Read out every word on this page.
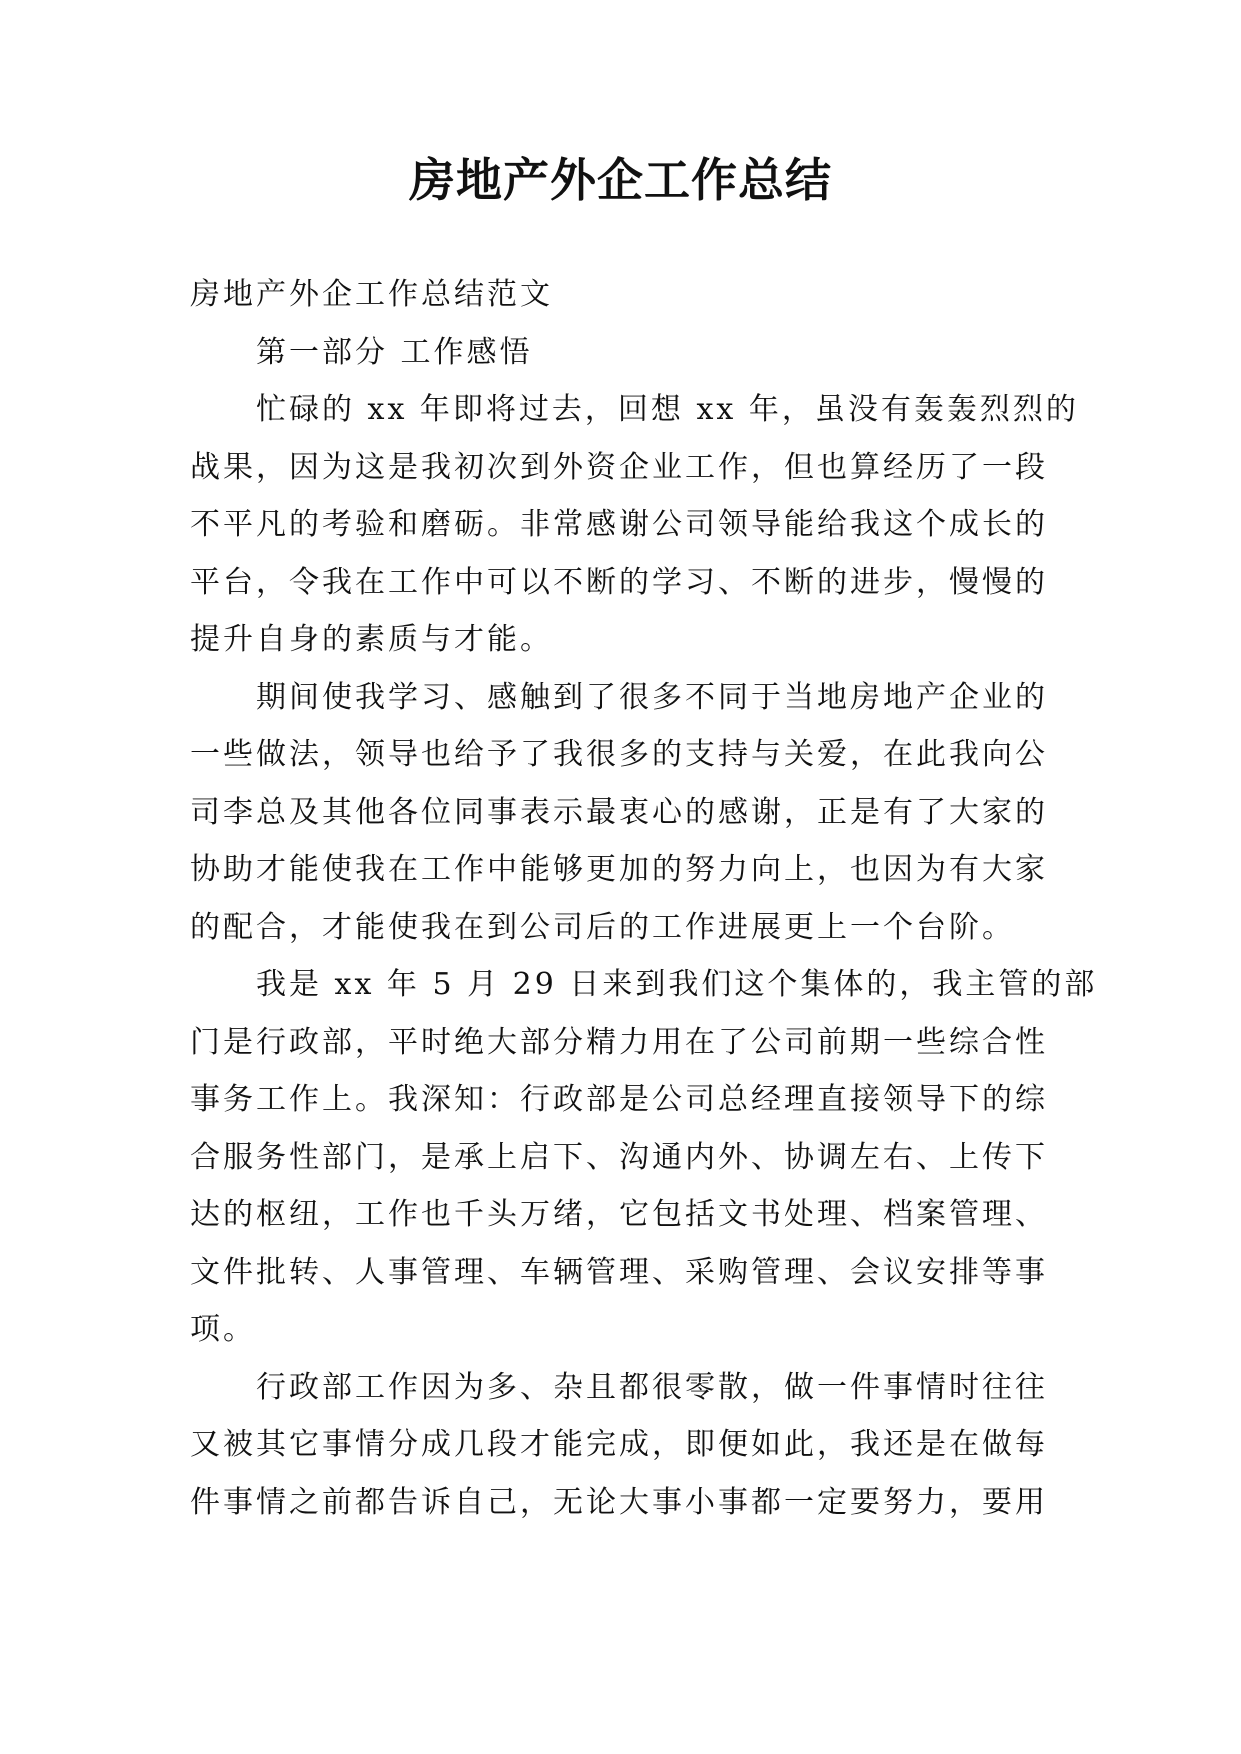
房地产外企工作总结
房地产外企工作总结范文
第一部分 工作感悟
忙碌的 xx 年即将过去，回想 xx 年，虽没有轰轰烈烈的
战果，因为这是我初次到外资企业工作，但也算经历了一段
不平凡的考验和磨砺。非常感谢公司领导能给我这个成长的
平台，令我在工作中可以不断的学习、不断的进步，慢慢的
提升自身的素质与才能。
期间使我学习、感触到了很多不同于当地房地产企业的
一些做法，领导也给予了我很多的支持与关爱，在此我向公
司李总及其他各位同事表示最衷心的感谢，正是有了大家的
协助才能使我在工作中能够更加的努力向上，也因为有大家
的配合，才能使我在到公司后的工作进展更上一个台阶。
我是 xx 年 5 月 29 日来到我们这个集体的，我主管的部
门是行政部，平时绝大部分精力用在了公司前期一些综合性
事务工作上。我深知：行政部是公司总经理直接领导下的综
合服务性部门，是承上启下、沟通内外、协调左右、上传下
达的枢纽，工作也千头万绪，它包括文书处理、档案管理、
文件批转、人事管理、车辆管理、采购管理、会议安排等事
项。
行政部工作因为多、杂且都很零散，做一件事情时往往
又被其它事情分成几段才能完成，即便如此，我还是在做每
件事情之前都告诉自己，无论大事小事都一定要努力，要用
